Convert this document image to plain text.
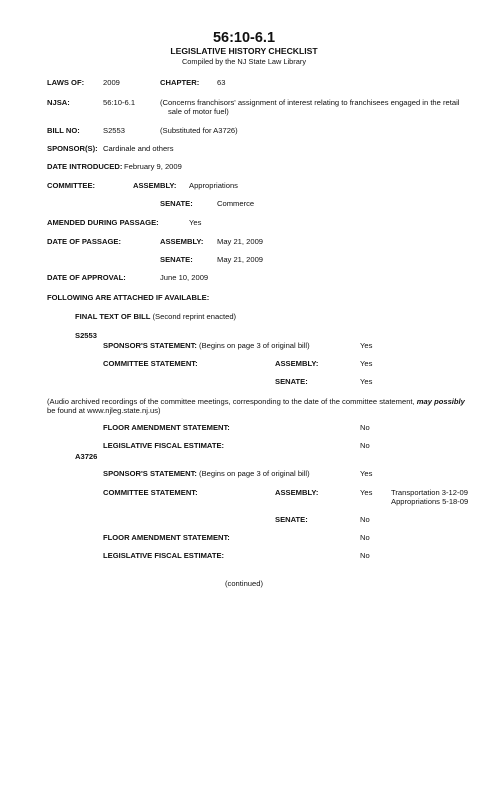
56:10-6.1
LEGISLATIVE HISTORY CHECKLIST
Compiled by the NJ State Law Library
LAWS OF: 2009	CHAPTER: 63
NJSA:	56:10-6.1	(Concerns franchisors' assignment of interest relating to franchisees engaged in the retail
sale of motor fuel)
BILL NO:	S2553	(Substituted for A3726)
SPONSOR(S): Cardinale and others
DATE INTRODUCED: February 9, 2009
COMMITTEE:	ASSEMBLY: Appropriations
SENATE:	Commerce
AMENDED DURING PASSAGE:	Yes
DATE OF PASSAGE:	ASSEMBLY: May 21, 2009
SENATE:	May 21, 2009
DATE OF APPROVAL:	June 10, 2009
FOLLOWING ARE ATTACHED IF AVAILABLE:
FINAL TEXT OF BILL (Second reprint enacted)
S2553
SPONSOR'S STATEMENT: (Begins on page 3 of original bill)	Yes
COMMITTEE STATEMENT:	ASSEMBLY:	Yes
SENATE:	Yes
(Audio archived recordings of the committee meetings, corresponding to the date of the committee statement, may possibly
be found at www.njleg.state.nj.us)
FLOOR AMENDMENT STATEMENT:	No
LEGISLATIVE FISCAL ESTIMATE:	No
A3726
SPONSOR'S STATEMENT: (Begins on page 3 of original bill)	Yes
COMMITTEE STATEMENT:	ASSEMBLY:	Yes Transportation 3-12-09
Appropriations 5-18-09
SENATE:	No
FLOOR AMENDMENT STATEMENT:	No
LEGISLATIVE FISCAL ESTIMATE:	No
(continued)
